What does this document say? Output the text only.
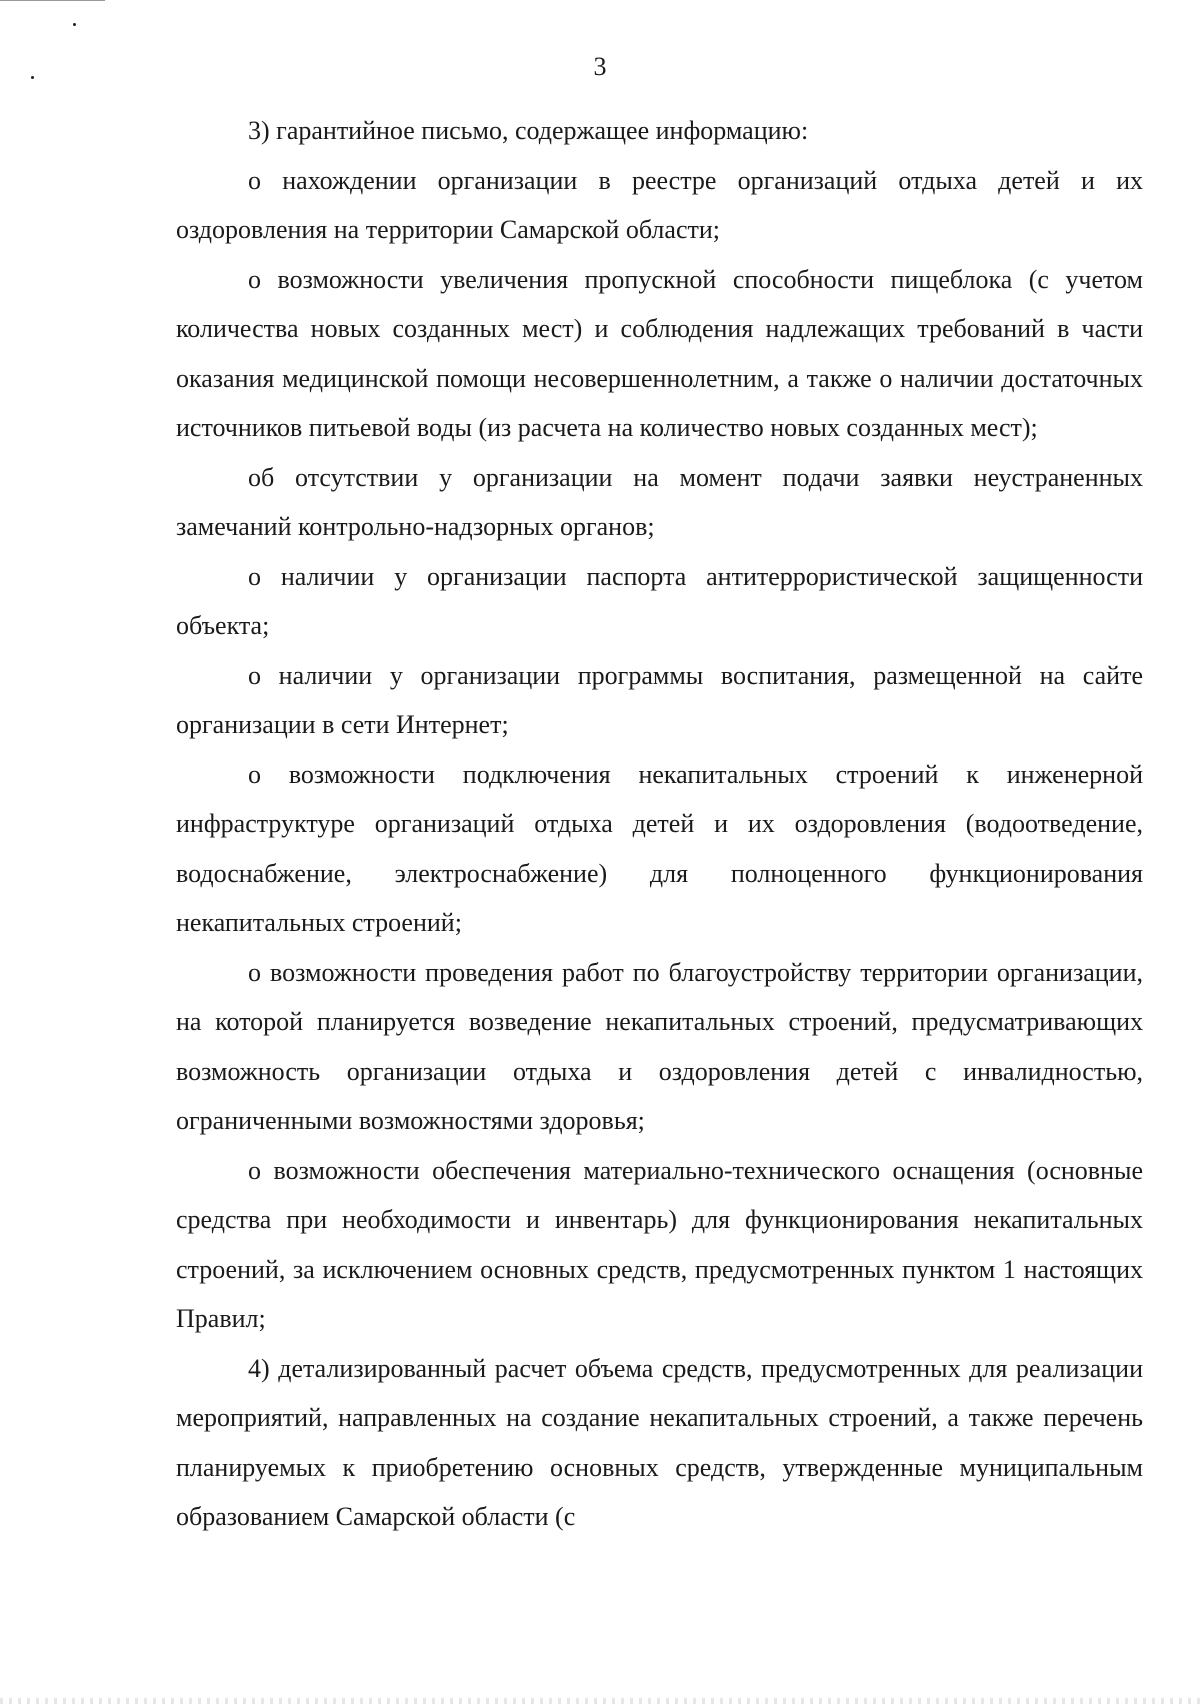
3

3) гарантийное письмо, содержащее информацию:

о нахождении организации в реестре организаций отдыха детей и их оздоровления на территории Самарской области;

о возможности увеличения пропускной способности пищеблока (с учетом количества новых созданных мест) и соблюдения надлежащих требований в части оказания медицинской помощи несовершеннолетним, а также о наличии достаточных источников питьевой воды (из расчета на количество новых созданных мест);

об отсутствии у организации на момент подачи заявки неустраненных замечаний контрольно-надзорных органов;

о наличии у организации паспорта антитеррористической защищенности объекта;

о наличии у организации программы воспитания, размещенной на сайте организации в сети Интернет;

о возможности подключения некапитальных строений к инженерной инфраструктуре организаций отдыха детей и их оздоровления (водоотведение, водоснабжение, электроснабжение) для полноценного функционирования некапитальных строений;

о возможности проведения работ по благоустройству территории организации, на которой планируется возведение некапитальных строений, предусматривающих возможность организации отдыха и оздоровления детей с инвалидностью, ограниченными возможностями здоровья;

о возможности обеспечения материально-технического оснащения (основные средства при необходимости и инвентарь) для функционирования некапитальных строений, за исключением основных средств, предусмотренных пунктом 1 настоящих Правил;

4) детализированный расчет объема средств, предусмотренных для реализации мероприятий, направленных на создание некапитальных строений, а также перечень планируемых к приобретению основных средств, утвержденные муниципальным образованием Самарской области (с
